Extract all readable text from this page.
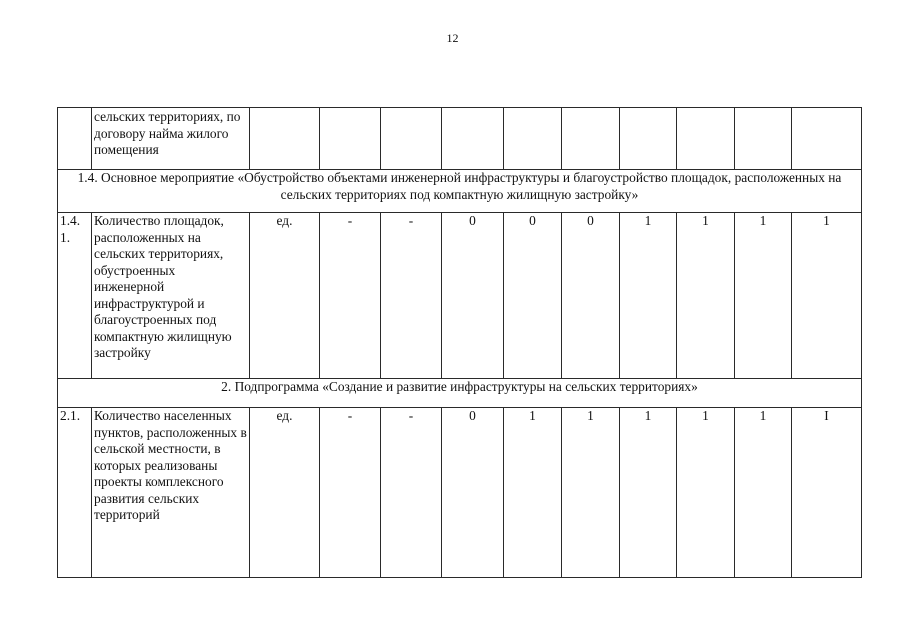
12
	сельских территориях, по договору найма жилого помещения										
1.4. Основное мероприятие «Обустройство объектами инженерной инфраструктуры и благоустройство площадок, расположенных на сельских территориях под компактную жилищную застройку»											
1.4. 1.	Количество площадок, расположенных на сельских территориях, обустроенных инженерной инфраструктурой и благоустроенных под компактную жилищную застройку	ед.	-	-	0	0	0	1	1	1	1
2. Подпрограмма «Создание и развитие инфраструктуры на сельских территориях»											
2.1.	Количество населенных пунктов, расположенных в сельской местности, в которых реализованы проекты комплексного развития сельских территорий	ед.	-	-	0	1	1	1	1	1	I
